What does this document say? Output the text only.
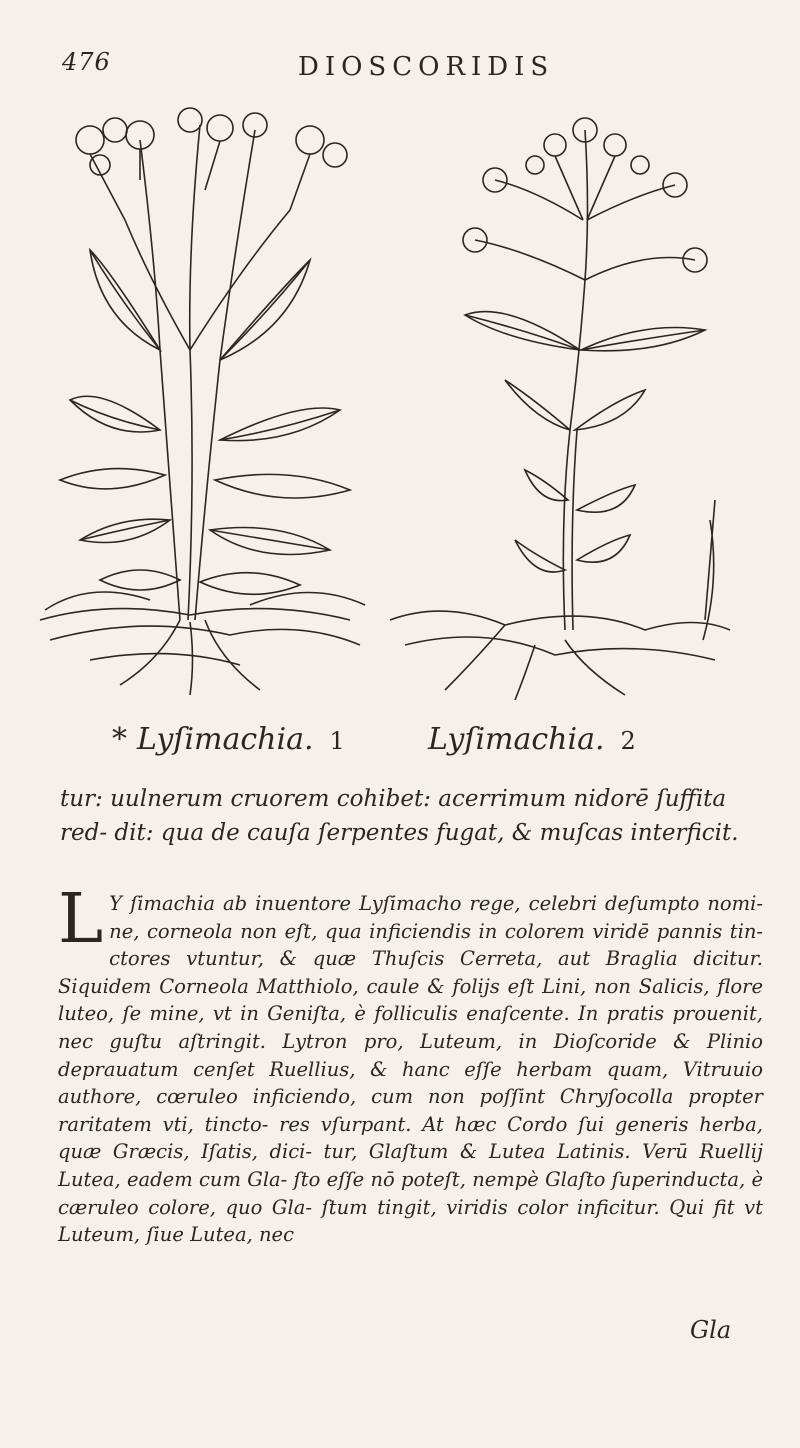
476	DIOSCORIDIS
* Lyſimachia. 1	Lyſimachia. 2
tur: uulnerum cruorem cohibet: acerrimum nidorē ſuffita red- dit: qua de cauſa ſerpentes fugat, & muſcas interficit.
L Y ſimachia ab inuentore Lyſimacho rege, celebri deſumpto nomi- ne, corneola non eſt, qua inficiendis in colorem viridē pannis tin- ctores vtuntur, & quæ Thuſcis Cerreta, aut Braglia dicitur. Siquidem Corneola Matthiolo, caule & folijs eſt Lini, non Salicis, flore luteo, ſe mine, vt in Geniſta, è folliculis enaſcente. In pratis prouenit, nec guſtu aſtringit. Lytron pro, Luteum, in Dioſcoride & Plinio deprauatum cenſet Ruellius, & hanc eſſe herbam quam, Vitruuio authore, cœruleo inficiendo, cum non poſſint Chryſocolla propter raritatem vti, tincto- res vſurpant. At hæc Cordo ſui generis herba, quæ Græcis, Iſatis, dici- tur, Glaſtum & Lutea Latinis. Verū Ruellij Lutea, eadem cum Gla- ſto eſſe nō poteſt, nempè Glaſto ſuperinducta, è cæruleo colore, quo Gla- ſtum tingit, viridis color inficitur. Qui fit vt Luteum, ſiue Lutea, nec
Gla
